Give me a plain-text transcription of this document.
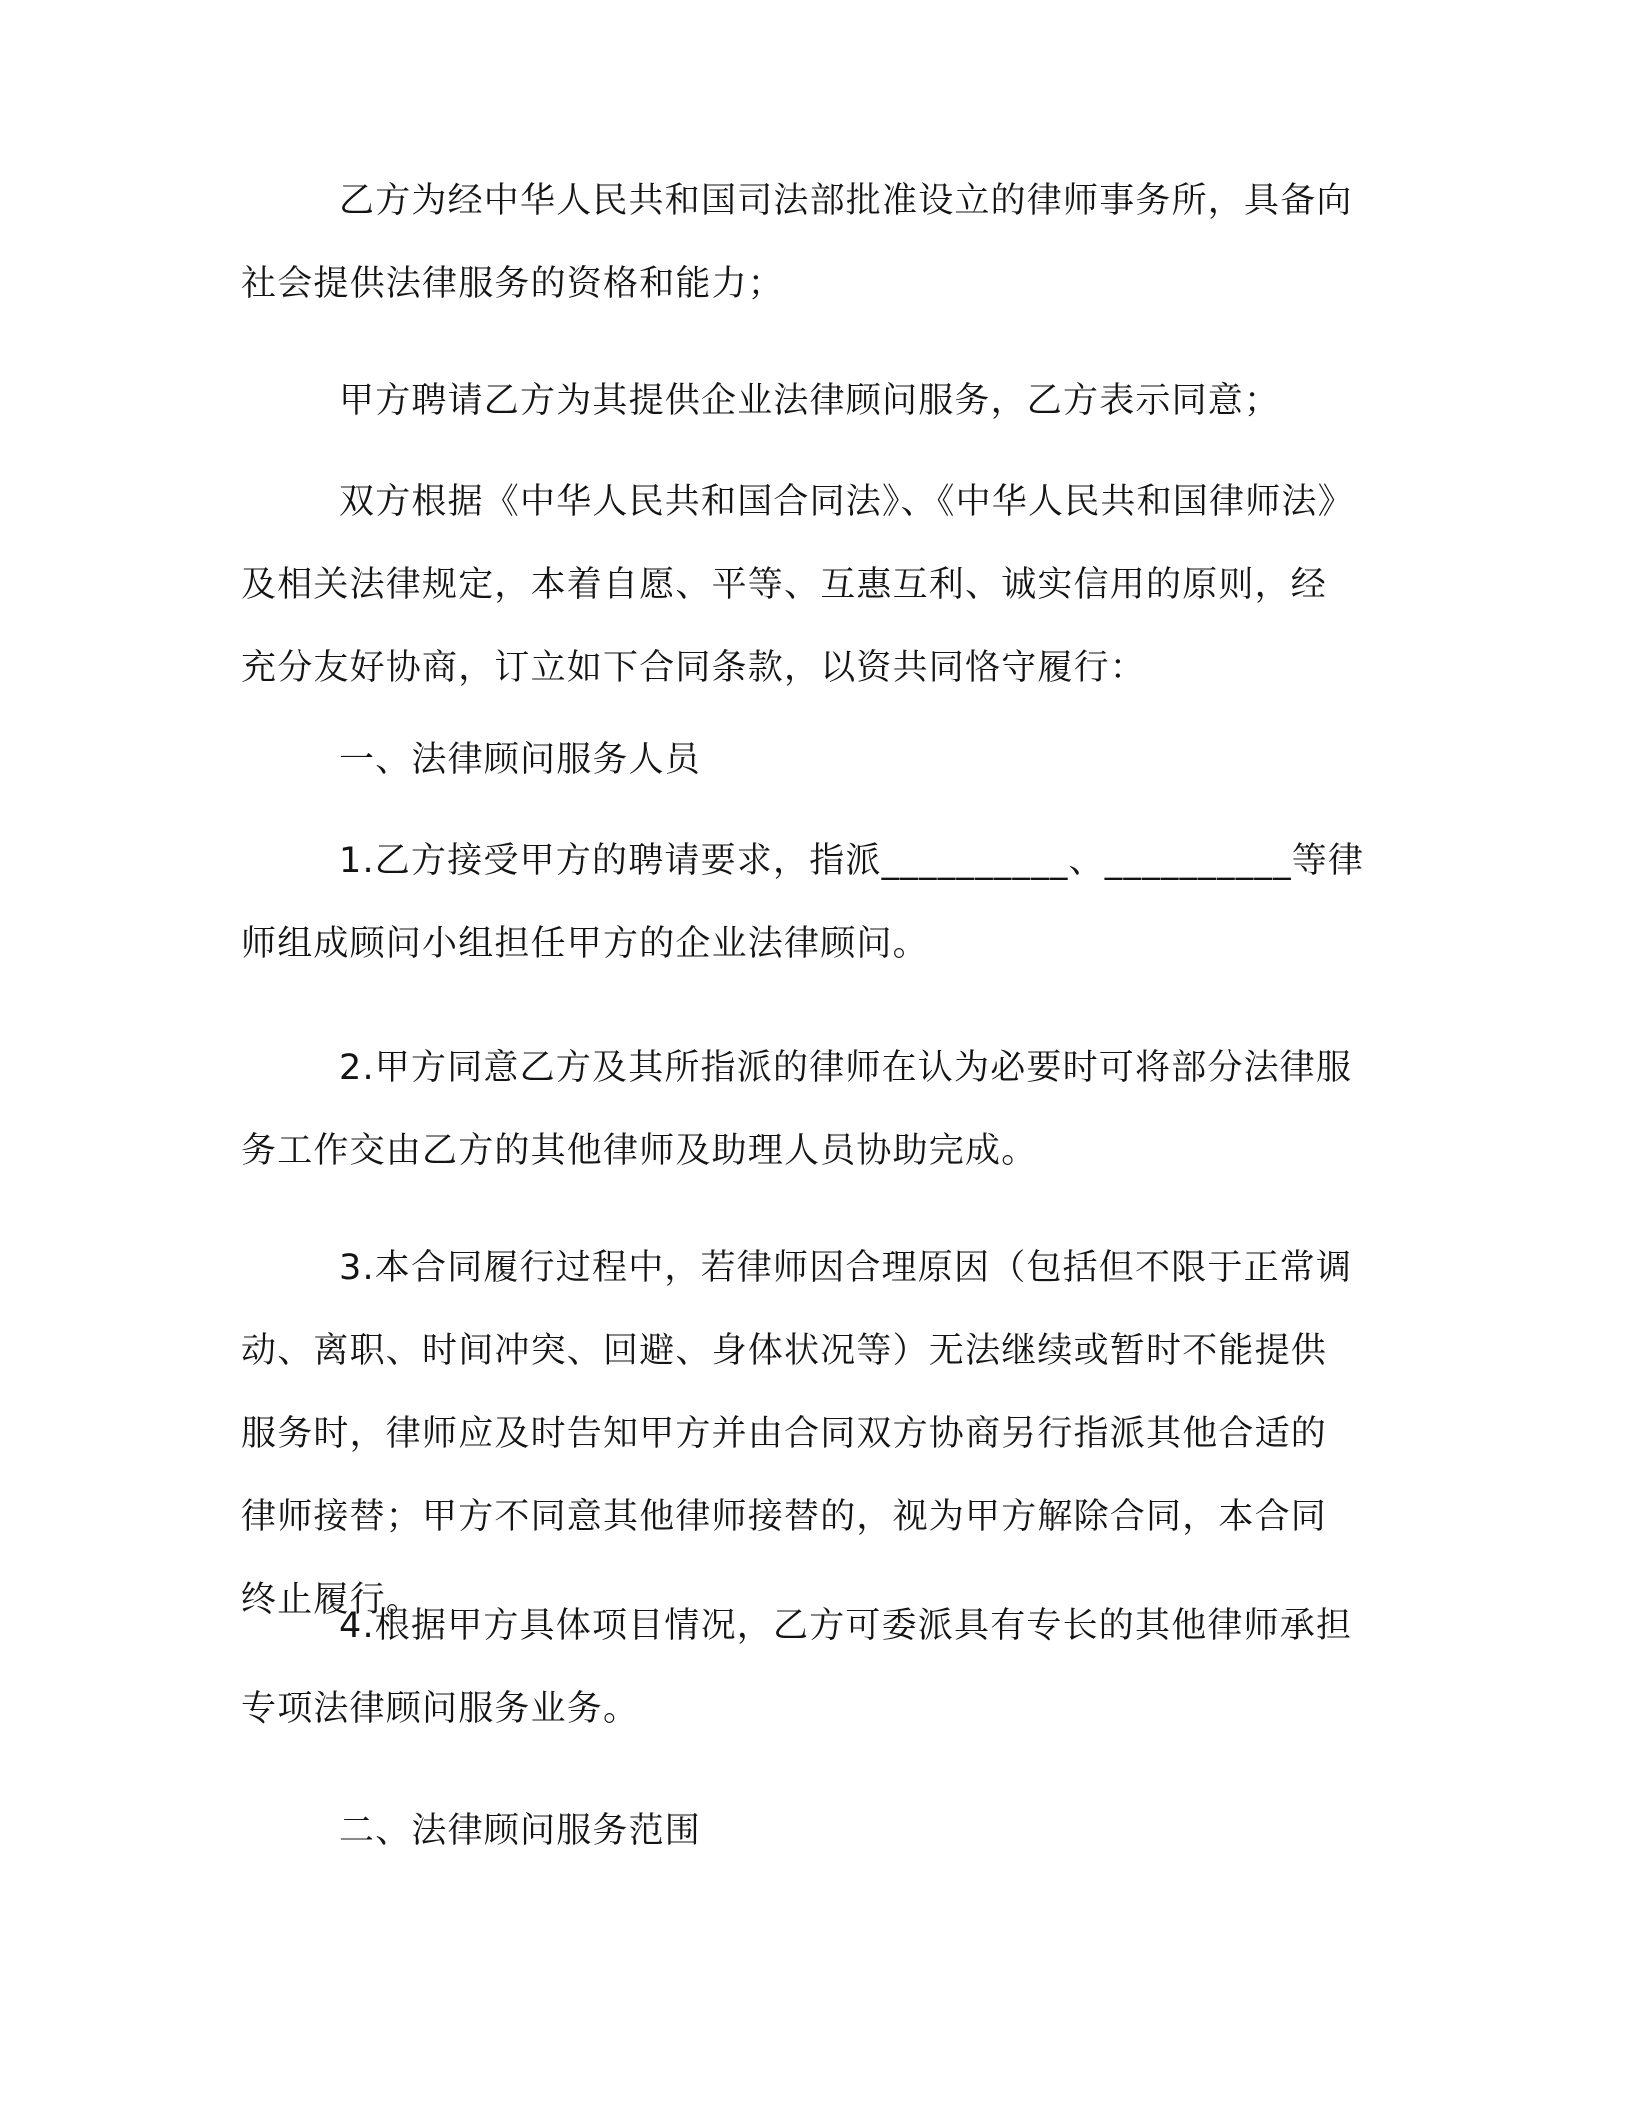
乙方为经中华人民共和国司法部批准设立的律师事务所，具备向
社会提供法律服务的资格和能力；
甲方聘请乙方为其提供企业法律顾问服务，乙方表示同意；
双方根据《中华人民共和国合同法》、《中华人民共和国律师法》
及相关法律规定，本着自愿、平等、互惠互利、诚实信用的原则，经
充分友好协商，订立如下合同条款，以资共同恪守履行：
一、法律顾问服务人员
1.乙方接受甲方的聘请要求，指派__________、__________等律
师组成顾问小组担任甲方的企业法律顾问。
2.甲方同意乙方及其所指派的律师在认为必要时可将部分法律服
务工作交由乙方的其他律师及助理人员协助完成。
3.本合同履行过程中，若律师因合理原因（包括但不限于正常调
动、离职、时间冲突、回避、身体状况等）无法继续或暂时不能提供
服务时，律师应及时告知甲方并由合同双方协商另行指派其他合适的
律师接替；甲方不同意其他律师接替的，视为甲方解除合同，本合同
终止履行。
4.根据甲方具体项目情况，乙方可委派具有专长的其他律师承担
专项法律顾问服务业务。
二、法律顾问服务范围
